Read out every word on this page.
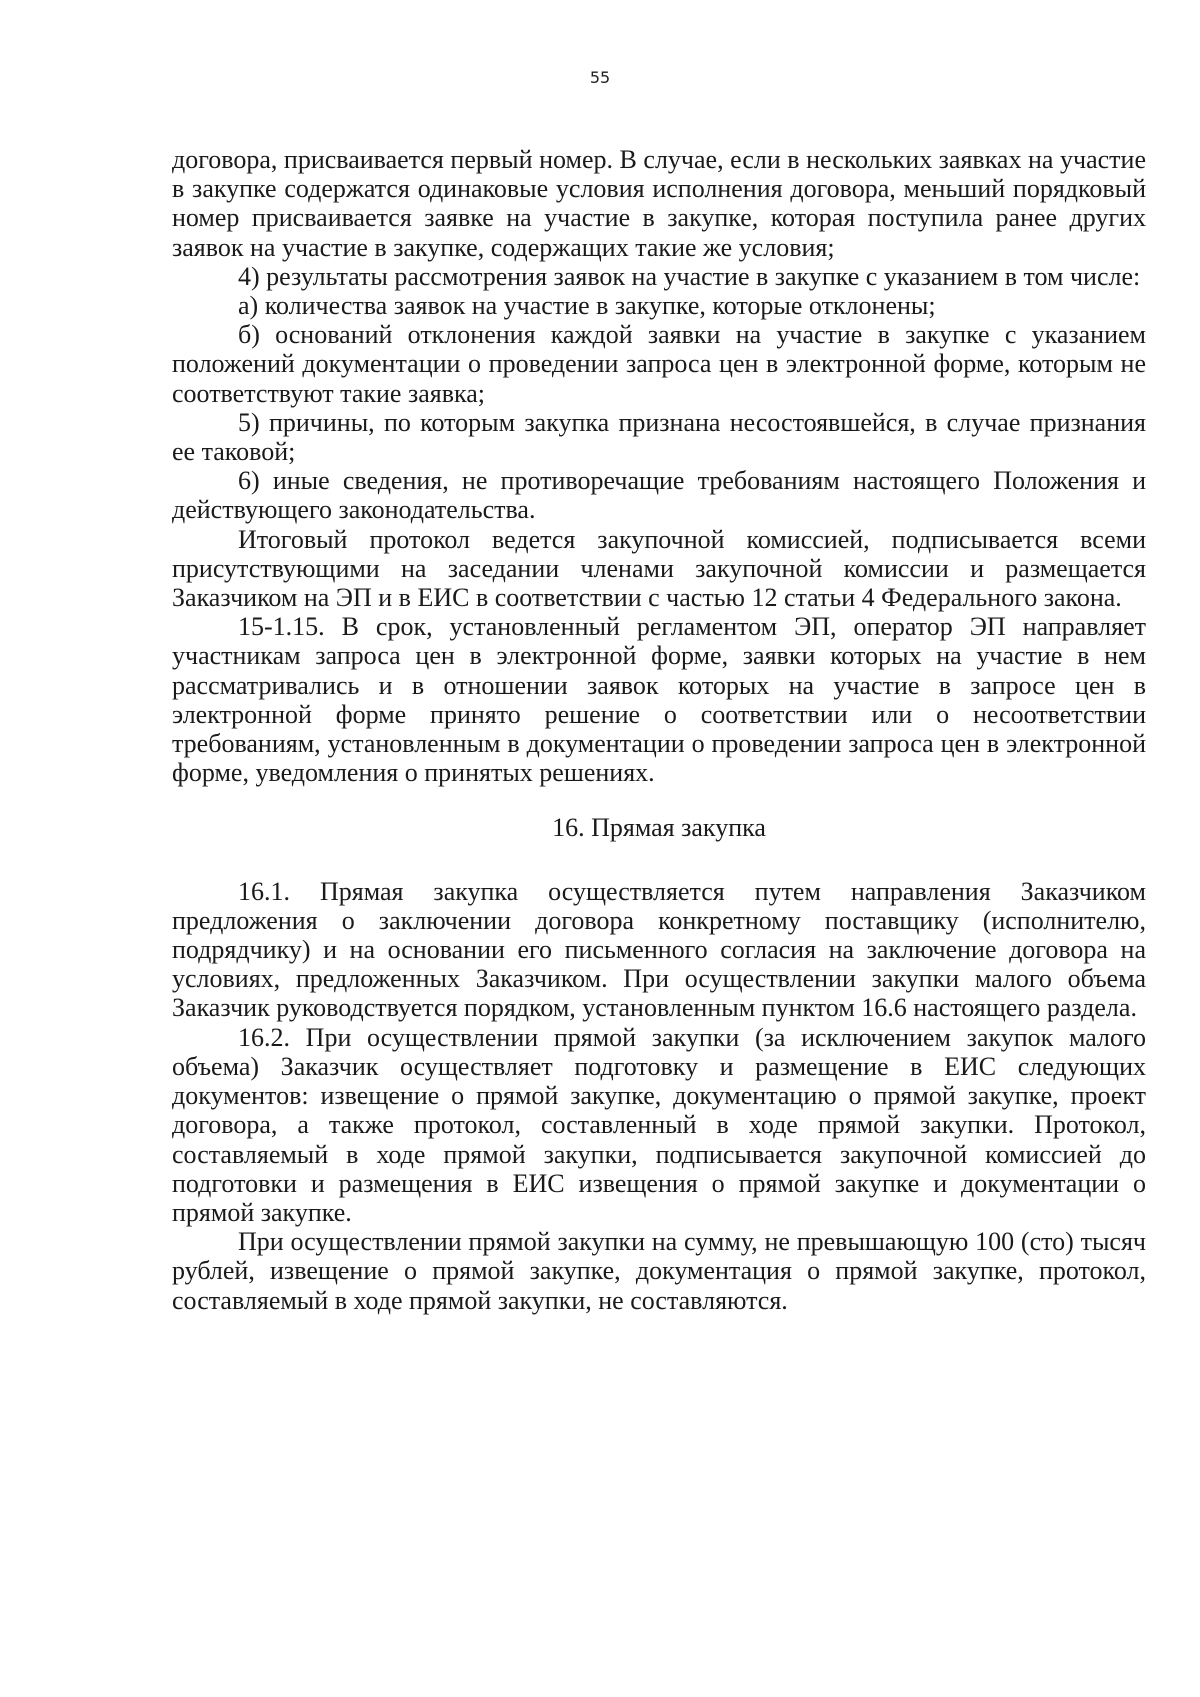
55

договора, присваивается первый номер. В случае, если в нескольких заявках на участие в закупке содержатся одинаковые условия исполнения договора, меньший порядковый номер присваивается заявке на участие в закупке, которая поступила ранее других заявок на участие в закупке, содержащих такие же условия;

4) результаты рассмотрения заявок на участие в закупке с указанием в том числе:

а) количества заявок на участие в закупке, которые отклонены;

б) оснований отклонения каждой заявки на участие в закупке с указанием положений документации о проведении запроса цен в электронной форме, которым не соответствуют такие заявка;

5) причины, по которым закупка признана несостоявшейся, в случае признания ее таковой;

6) иные сведения, не противоречащие требованиям настоящего Положения и действующего законодательства.

Итоговый протокол ведется закупочной комиссией, подписывается всеми присутствующими на заседании членами закупочной комиссии и размещается Заказчиком на ЭП и в ЕИС в соответствии с частью 12 статьи 4 Федерального закона.

15-1.15. В срок, установленный регламентом ЭП, оператор ЭП направляет участникам запроса цен в электронной форме, заявки которых на участие в нем рассматривались и в отношении заявок которых на участие в запросе цен в электронной форме принято решение о соответствии или о несоответствии требованиям, установленным в документации о проведении запроса цен в электронной форме, уведомления о принятых решениях.

16. Прямая закупка

16.1. Прямая закупка осуществляется путем направления Заказчиком предложения о заключении договора конкретному поставщику (исполнителю, подрядчику) и на основании его письменного согласия на заключение договора на условиях, предложенных Заказчиком. При осуществлении закупки малого объема Заказчик руководствуется порядком, установленным пунктом 16.6 настоящего раздела.

16.2. При осуществлении прямой закупки (за исключением закупок малого объема) Заказчик осуществляет подготовку и размещение в ЕИС следующих документов: извещение о прямой закупке, документацию о прямой закупке, проект договора, а также протокол, составленный в ходе прямой закупки. Протокол, составляемый в ходе прямой закупки, подписывается закупочной комиссией до подготовки и размещения в ЕИС извещения о прямой закупке и документации о прямой закупке.

При осуществлении прямой закупки на сумму, не превышающую 100 (сто) тысяч рублей, извещение о прямой закупке, документация о прямой закупке, протокол, составляемый в ходе прямой закупки, не составляются.
